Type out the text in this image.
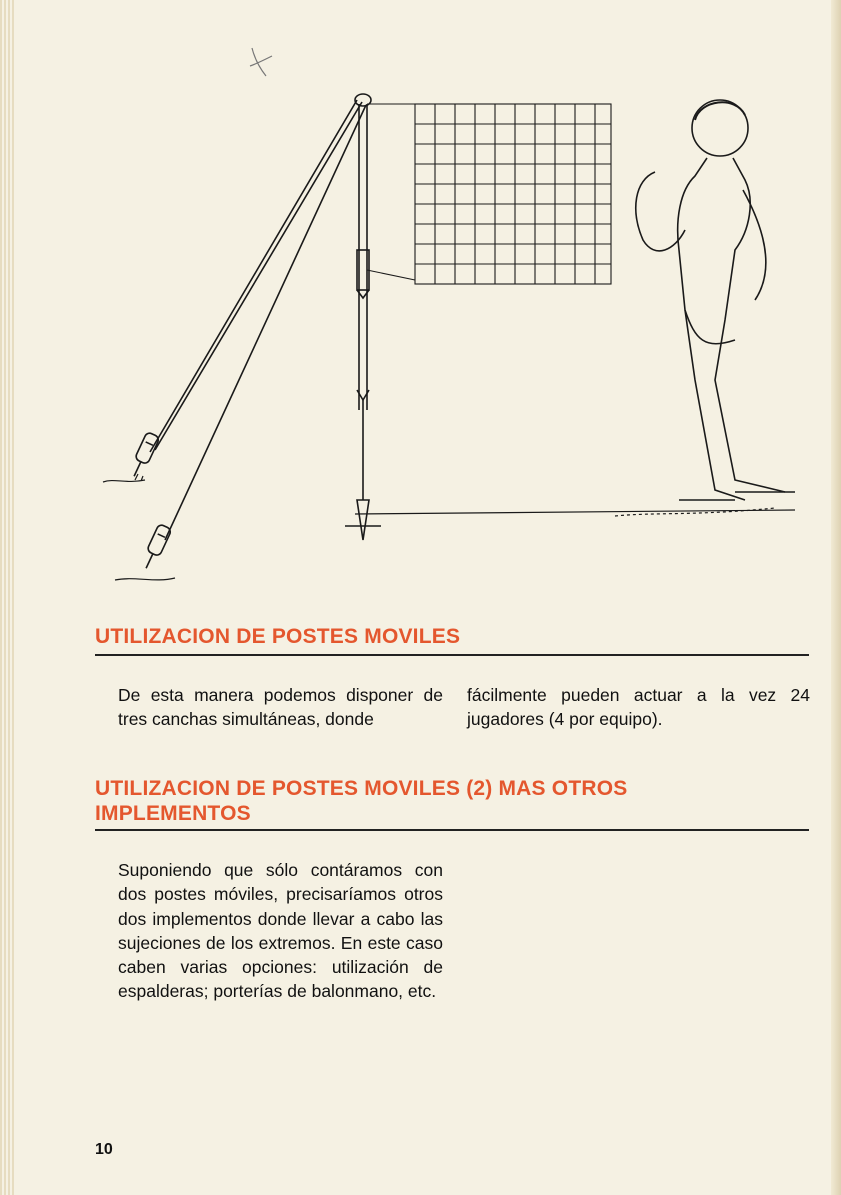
UTILIZACION DE POSTES MOVILES

De esta manera podemos disponer de tres canchas simultáneas, donde

fácilmente pueden actuar a la vez 24 jugadores (4 por equipo).

UTILIZACION DE POSTES MOVILES (2) MAS OTROS
IMPLEMENTOS

Suponiendo que sólo contáramos con dos postes móviles, precisaríamos otros dos implementos donde llevar a cabo las sujeciones de los extremos. En este caso caben varias opciones: utilización de espalderas; porterías de balonmano, etc.

10
